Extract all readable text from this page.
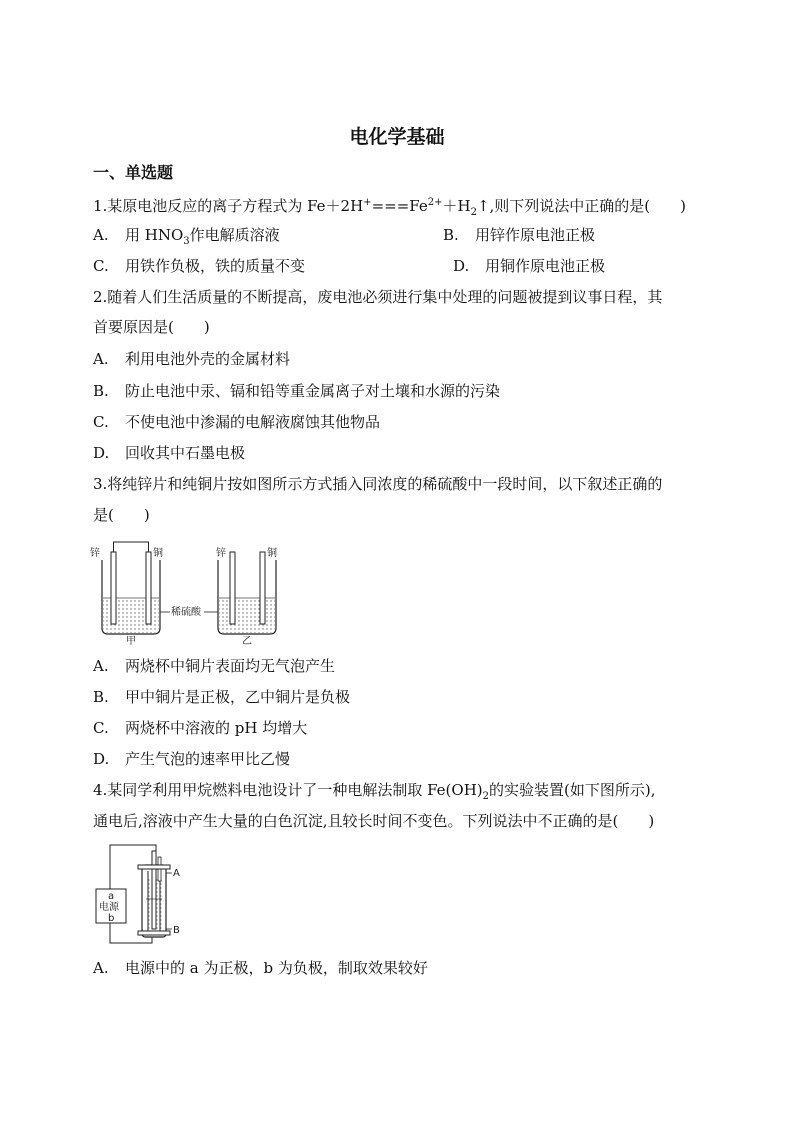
电化学基础
一、单选题
1.某原电池反应的离子方程式为 $Fe+2H^+===Fe^{2+}+H_2↑$,则下列说法中正确的是(　　)
A. 用 $HNO_3$作电解质溶液	B. 用锌作原电池正极
C. 用铁作负极，铁的质量不变	D. 用铜作原电池正极
2.随着人们生活质量的不断提高，废电池必须进行集中处理的问题被提到议事日程，其
首要原因是(　　)
A. 利用电池外壳的金属材料
B. 防止电池中汞、镉和铅等重金属离子对土壤和水源的污染
C. 不使电池中渗漏的电解液腐蚀其他物品
D. 回收其中石墨电极
3.将纯锌片和纯铜片按如图所示方式插入同浓度的稀硫酸中一段时间，以下叙述正确的
是(　　)
锌	铜
甲
稀硫酸
锌	铜
乙
A. 两烧杯中铜片表面均无气泡产生
B. 甲中铜片是正极，乙中铜片是负极
C. 两烧杯中溶液的 pH 均增大
D. 产生气泡的速率甲比乙慢
4.某同学利用甲烷燃料电池设计了一种电解法制取 $Fe(OH)_2$的实验装置(如下图所示),
通电后,溶液中产生大量的白色沉淀,且较长时间不变色。下列说法中不正确的是(　　)
a
电源
b
A
B
A. 电源中的 a 为正极，b 为负极，制取效果较好
